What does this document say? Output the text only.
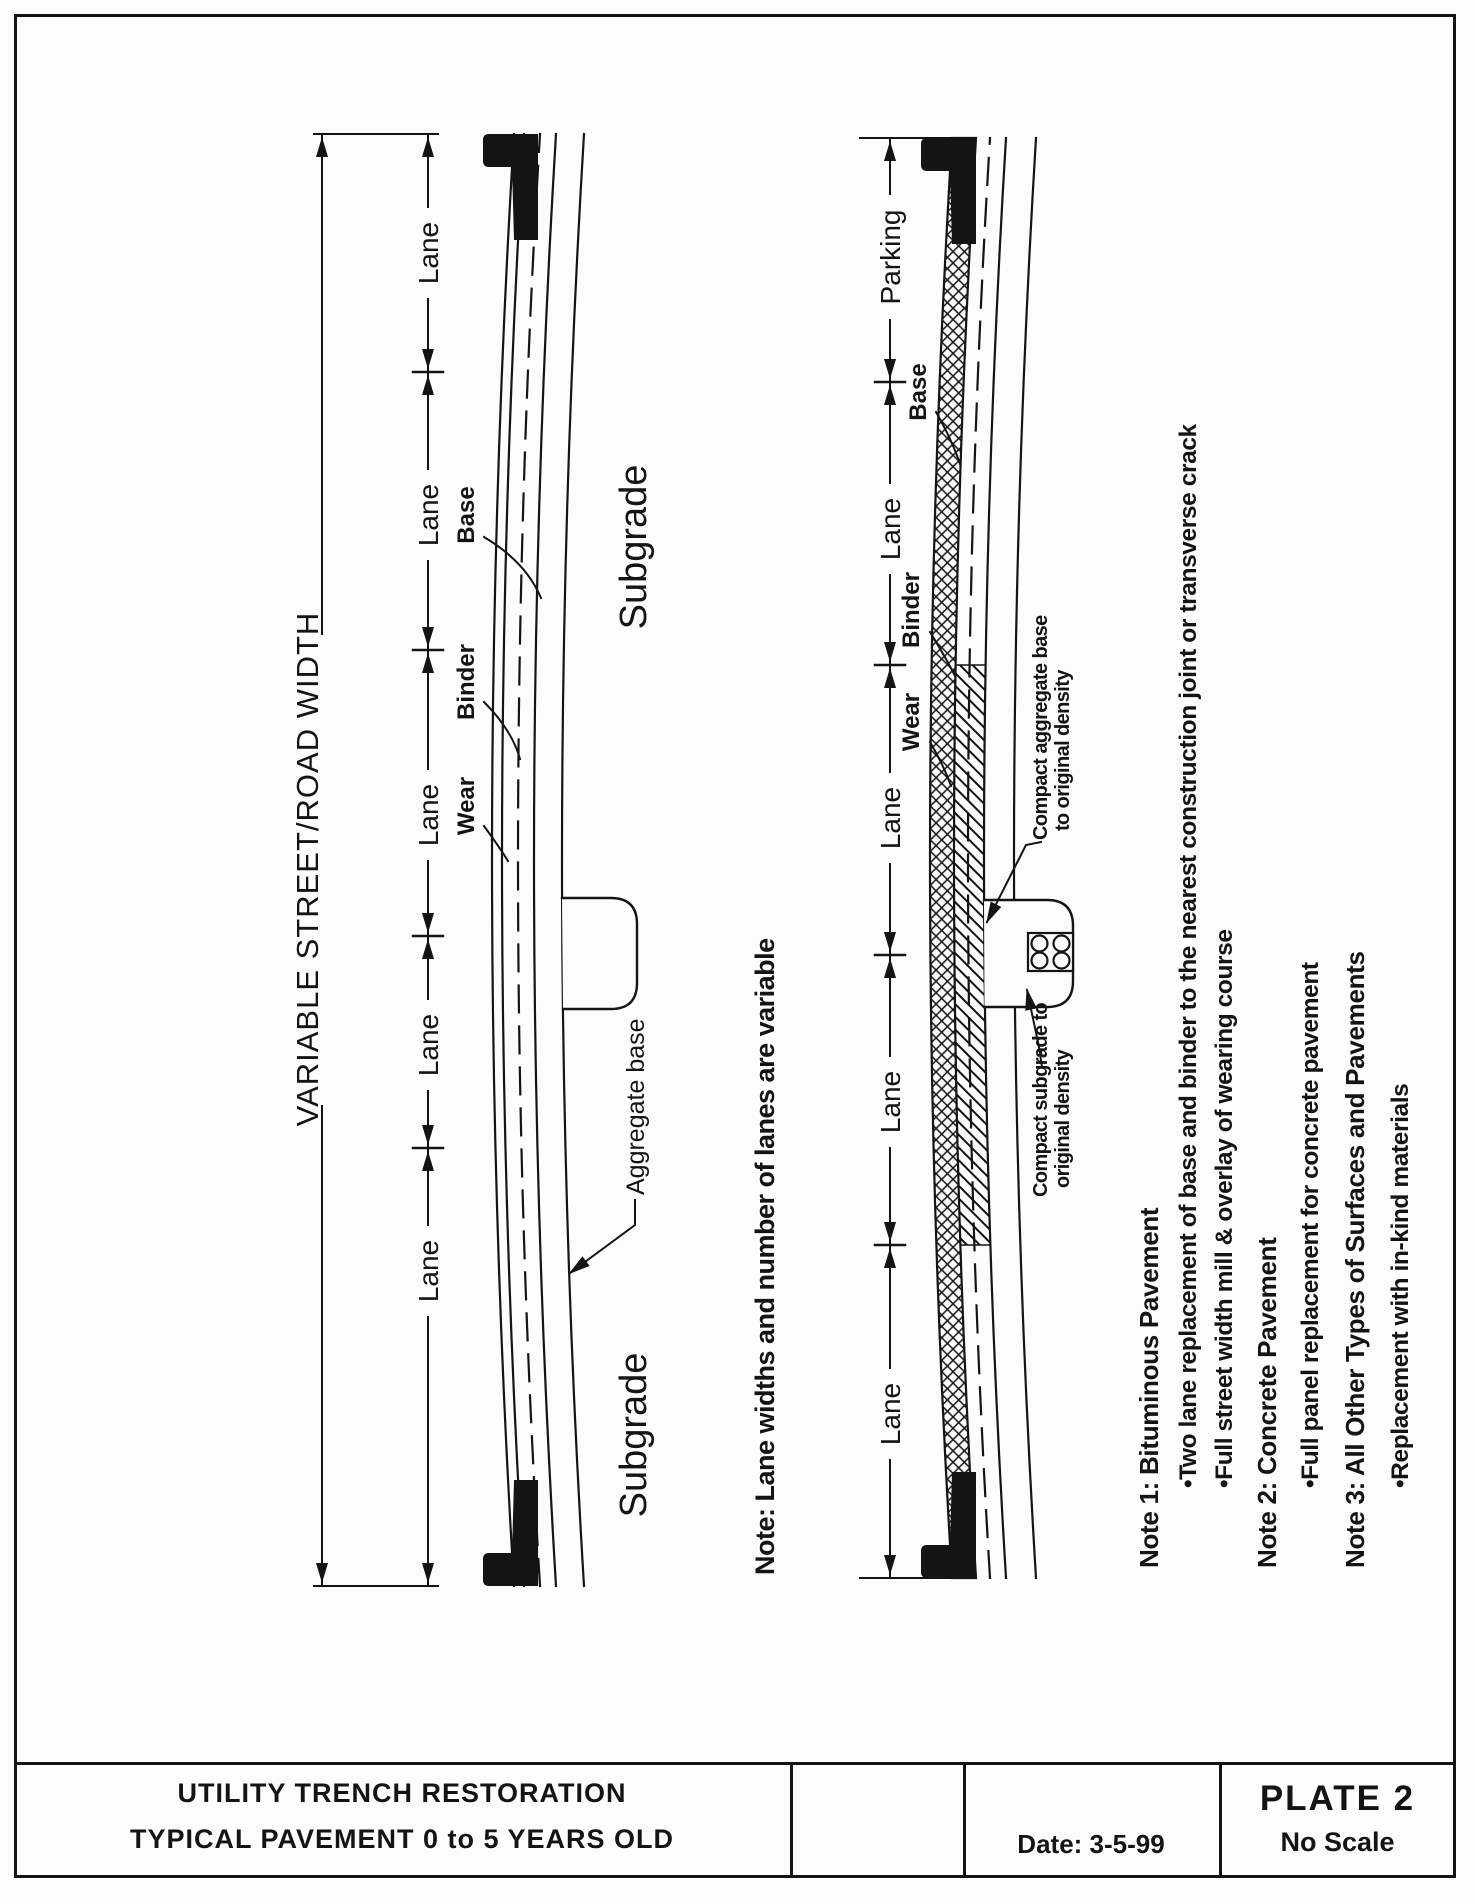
VARIABLE STREET/ROAD WIDTH
Lane
Lane
Lane
Lane
Lane
Base
Binder
Wear
Subgrade
Subgrade
Aggregate base	Note: Lane widths and number of lanes are variable
Parking
Lane
Lane
Lane
Lane
Base
Binder
Wear	Compact aggregate base to original density
Compact subgrade to original density
Note 1: Bituminous Pavement •Two lane replacement of base and binder to the nearest construction joint or transverse crack •Full street width mill & overlay of wearing course Note 2: Concrete Pavement •Full panel replacement for concrete pavement Note 3: All Other Types of Surfaces and Pavements •Replacement with in-kind materials
UTILITY TRENCH RESTORATION
TYPICAL PAVEMENT 0 to 5 YEARS OLD	Date: 3-5-99
PLATE 2
No Scale
